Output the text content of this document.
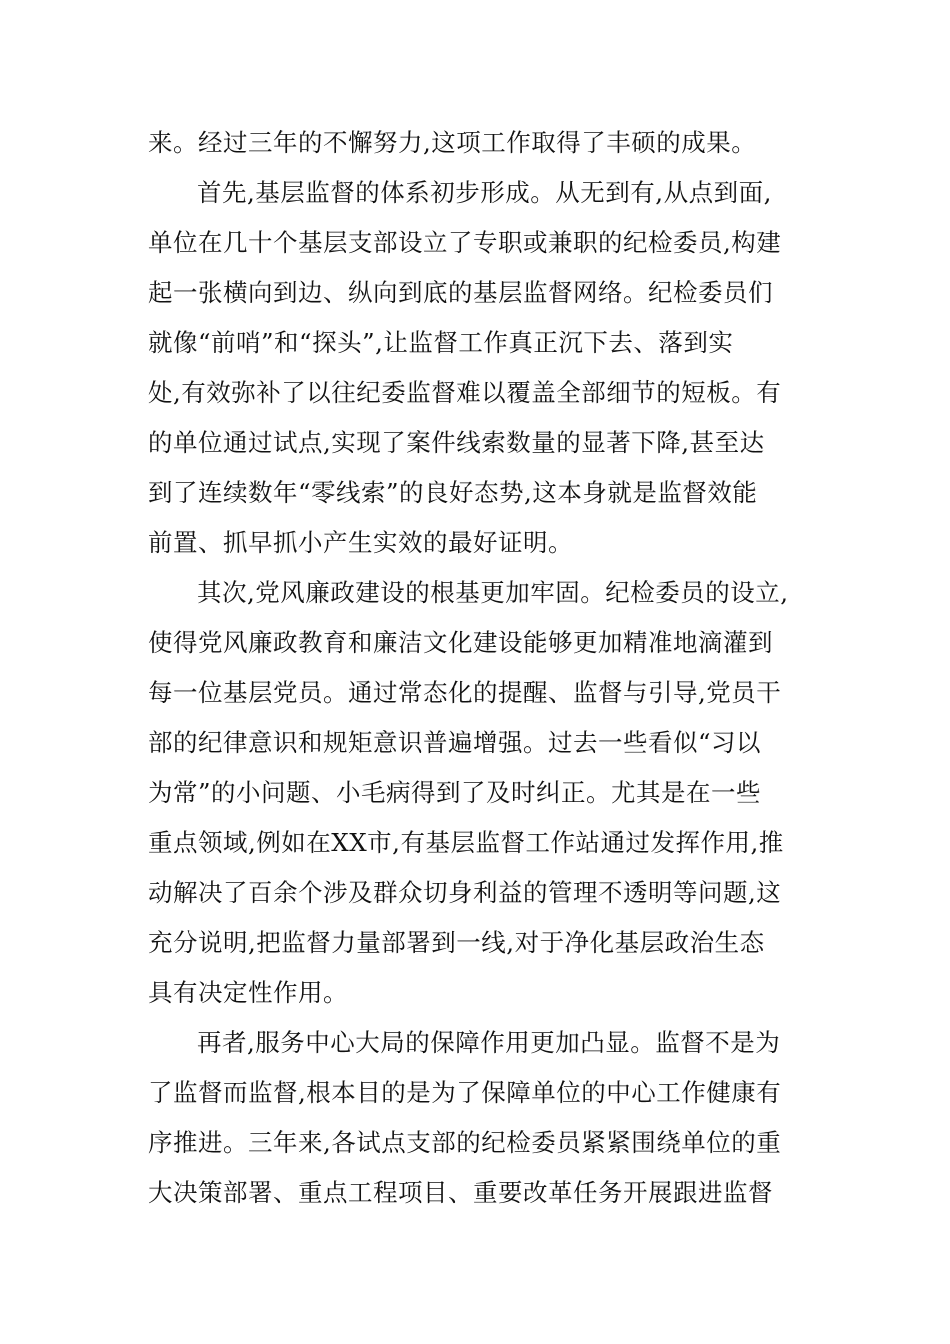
来。经过三年的不懈努力,这项工作取得了丰硕的成果。
首先,基层监督的体系初步形成。从无到有,从点到面,
单位在几十个基层支部设立了专职或兼职的纪检委员,构建
起一张横向到边、纵向到底的基层监督网络。纪检委员们
就像“前哨”和“探头”,让监督工作真正沉下去、落到实
处,有效弥补了以往纪委监督难以覆盖全部细节的短板。有
的单位通过试点,实现了案件线索数量的显著下降,甚至达
到了连续数年“零线索”的良好态势,这本身就是监督效能
前置、抓早抓小产生实效的最好证明。
其次,党风廉政建设的根基更加牢固。纪检委员的设立,
使得党风廉政教育和廉洁文化建设能够更加精准地滴灌到
每一位基层党员。通过常态化的提醒、监督与引导,党员干
部的纪律意识和规矩意识普遍增强。过去一些看似“习以
为常”的小问题、小毛病得到了及时纠正。尤其是在一些
重点领域,例如在XX市,有基层监督工作站通过发挥作用,推
动解决了百余个涉及群众切身利益的管理不透明等问题,这
充分说明,把监督力量部署到一线,对于净化基层政治生态
具有决定性作用。
再者,服务中心大局的保障作用更加凸显。监督不是为
了监督而监督,根本目的是为了保障单位的中心工作健康有
序推进。三年来,各试点支部的纪检委员紧紧围绕单位的重
大决策部署、重点工程项目、重要改革任务开展跟进监督
